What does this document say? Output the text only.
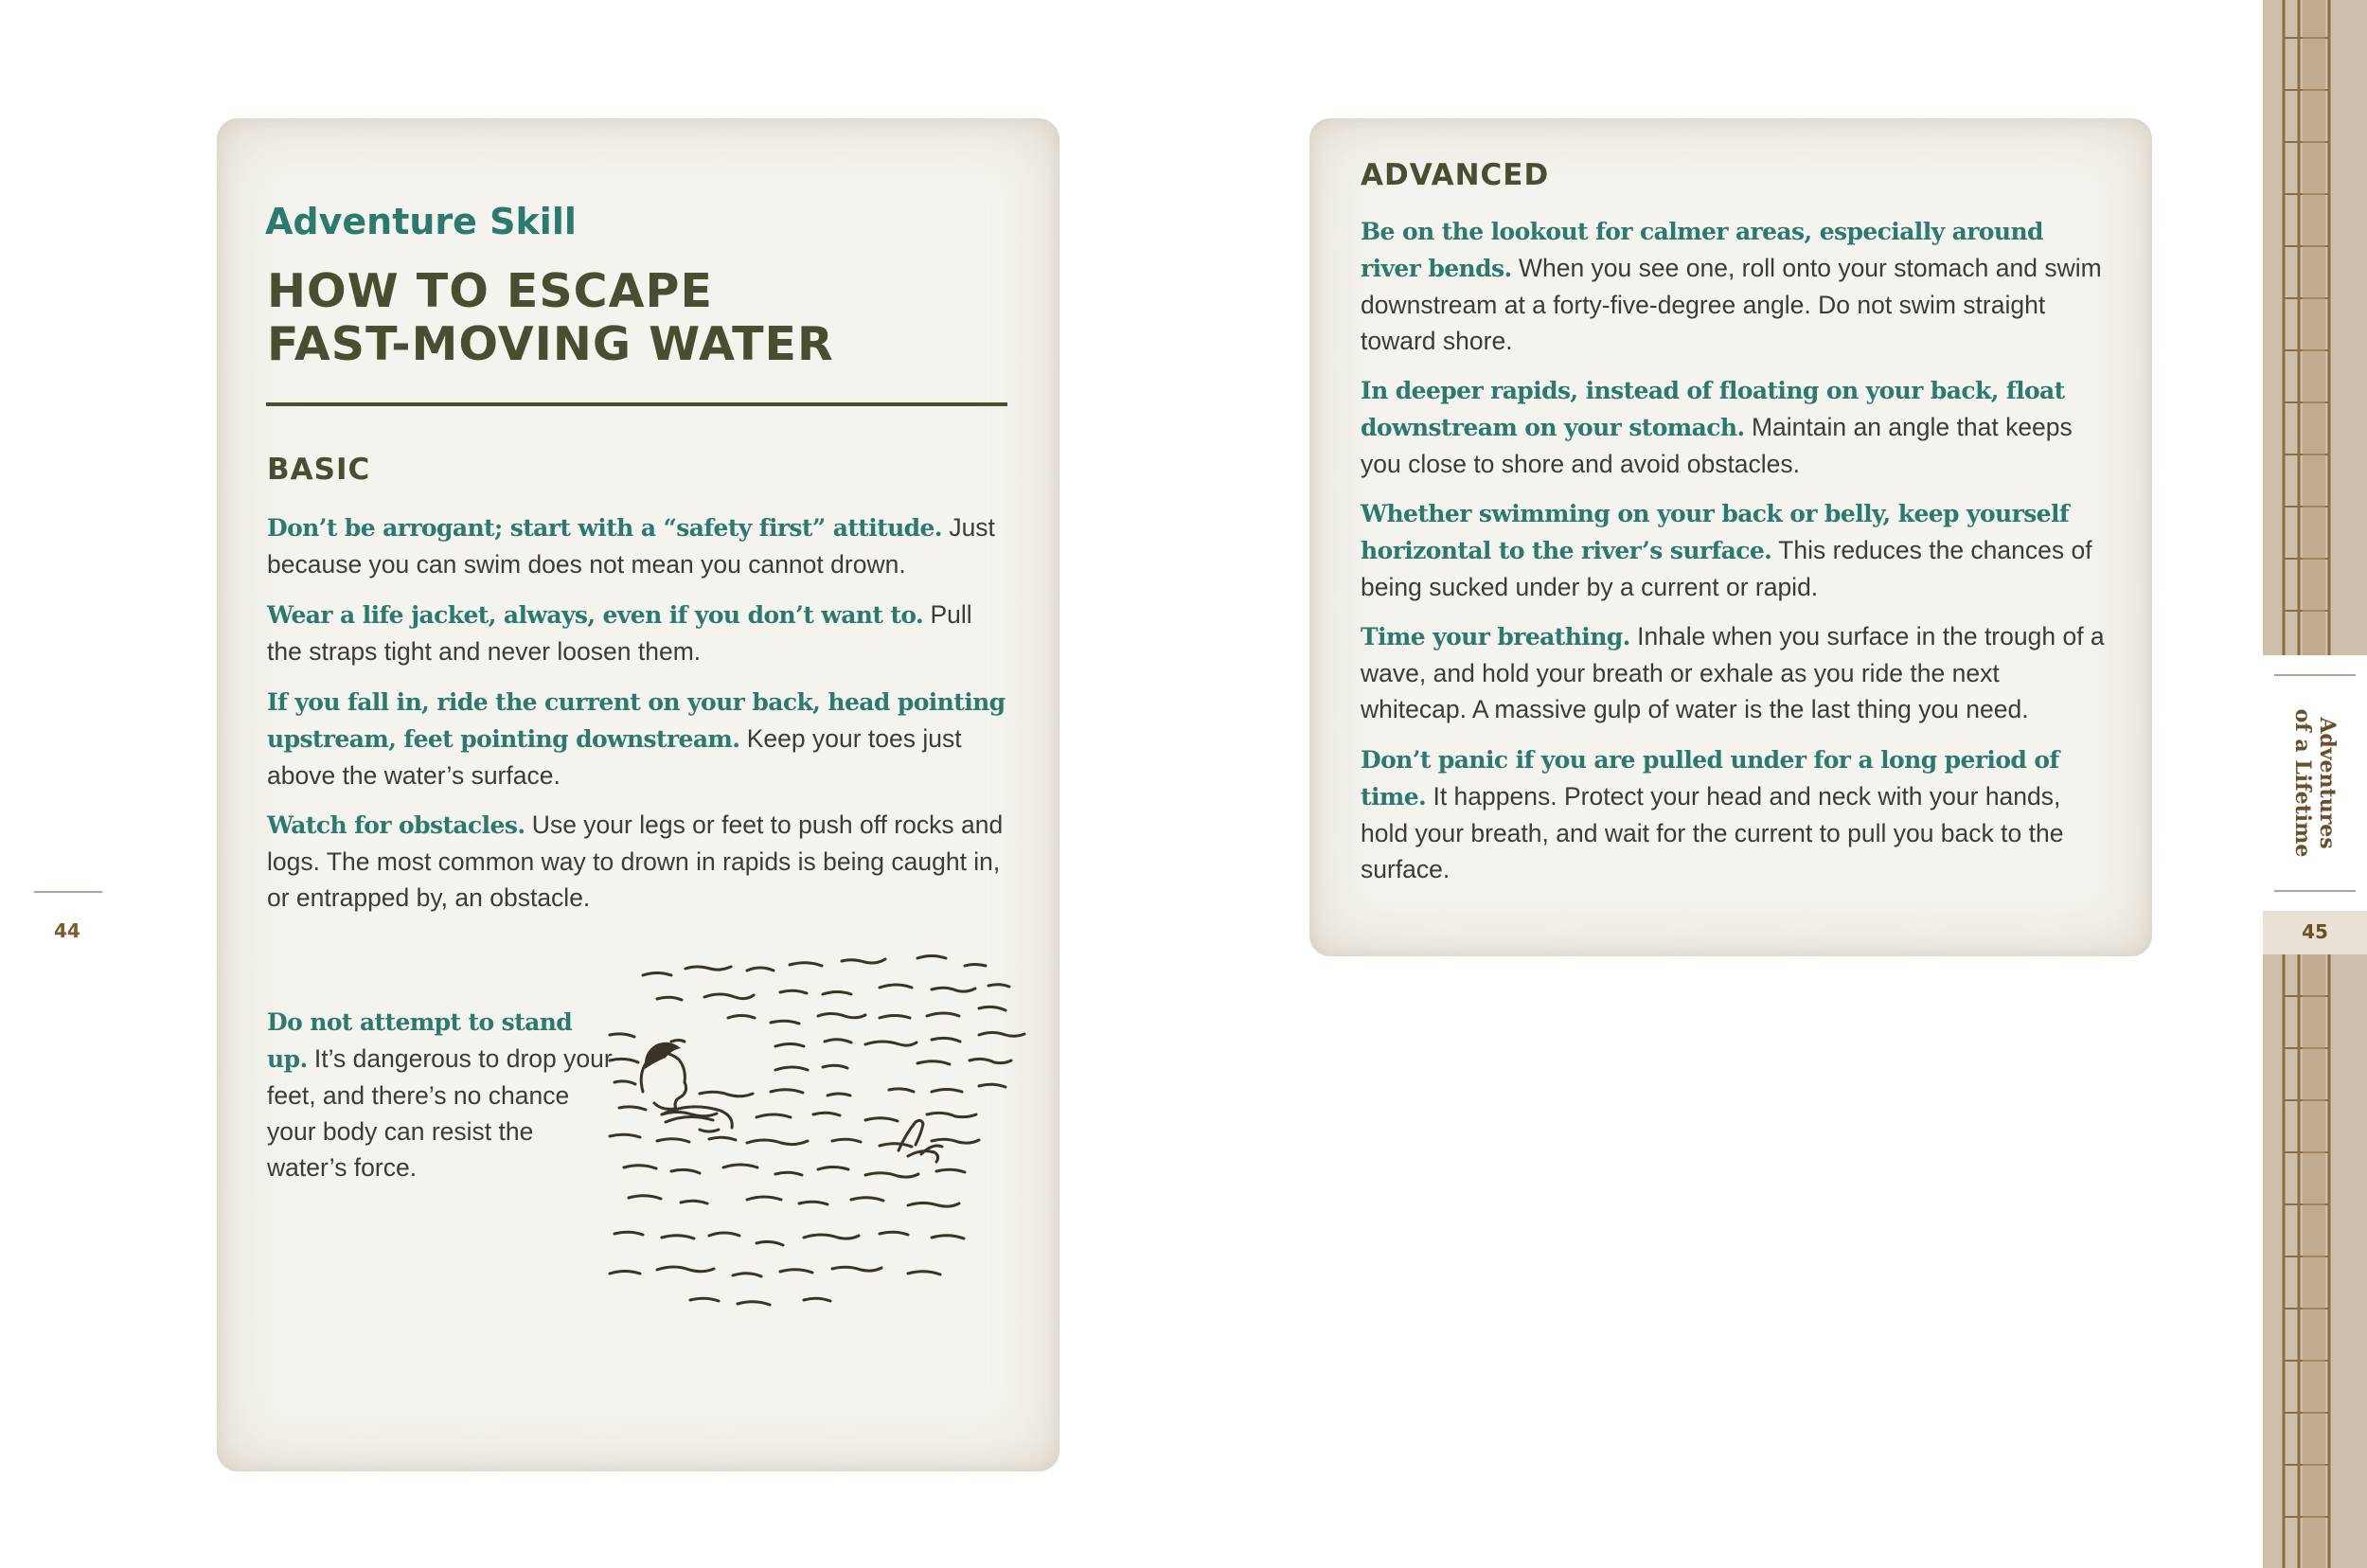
Adventure Skill

HOW TO ESCAPE
FAST-MOVING WATER
BASIC

Don’t be arrogant; start with a “safety first” attitude. Just because you can swim does not mean you cannot drown.

Wear a life jacket, always, even if you don’t want to. Pull the straps tight and never loosen them.

If you fall in, ride the current on your back, head pointing upstream, feet pointing downstream. Keep your toes just above the water’s surface.

Watch for obstacles. Use your legs or feet to push off rocks and logs. The most common way to drown in rapids is being caught in, or entrapped by, an obstacle.

Do not attempt to stand up. It’s dangerous to drop your feet, and there’s no chance your body can resist the water’s force.

44

ADVANCED

Be on the lookout for calmer areas, especially around river bends. When you see one, roll onto your stomach and swim downstream at a forty-five-degree angle. Do not swim straight toward shore.

In deeper rapids, instead of floating on your back, float downstream on your stomach. Maintain an angle that keeps you close to shore and avoid obstacles.

Whether swimming on your back or belly, keep yourself horizontal to the river’s surface. This reduces the chances of being sucked under by a current or rapid.

Time your breathing. Inhale when you surface in the trough of a wave, and hold your breath or exhale as you ride the next whitecap. A massive gulp of water is the last thing you need.

Don’t panic if you are pulled under for a long period of time. It happens. Protect your head and neck with your hands, hold your breath, and wait for the current to pull you back to the surface.

Adventures
of a Lifetime
45
